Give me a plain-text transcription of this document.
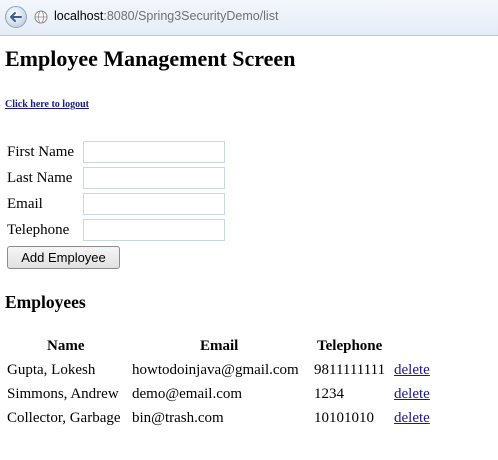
localhost:8080/Spring3SecurityDemo/list
Employee Management Screen
Click here to logout
First Name
Last Name
Email
Telephone
Add Employee
Employees
Name	Email	Telephone
Gupta, Lokesh howtodoinjava@gmail.com 9811111111 delete
Simmons, Andrew demo@email.com	1234	delete
Collector, Garbage bin@trash.com	10101010 delete
